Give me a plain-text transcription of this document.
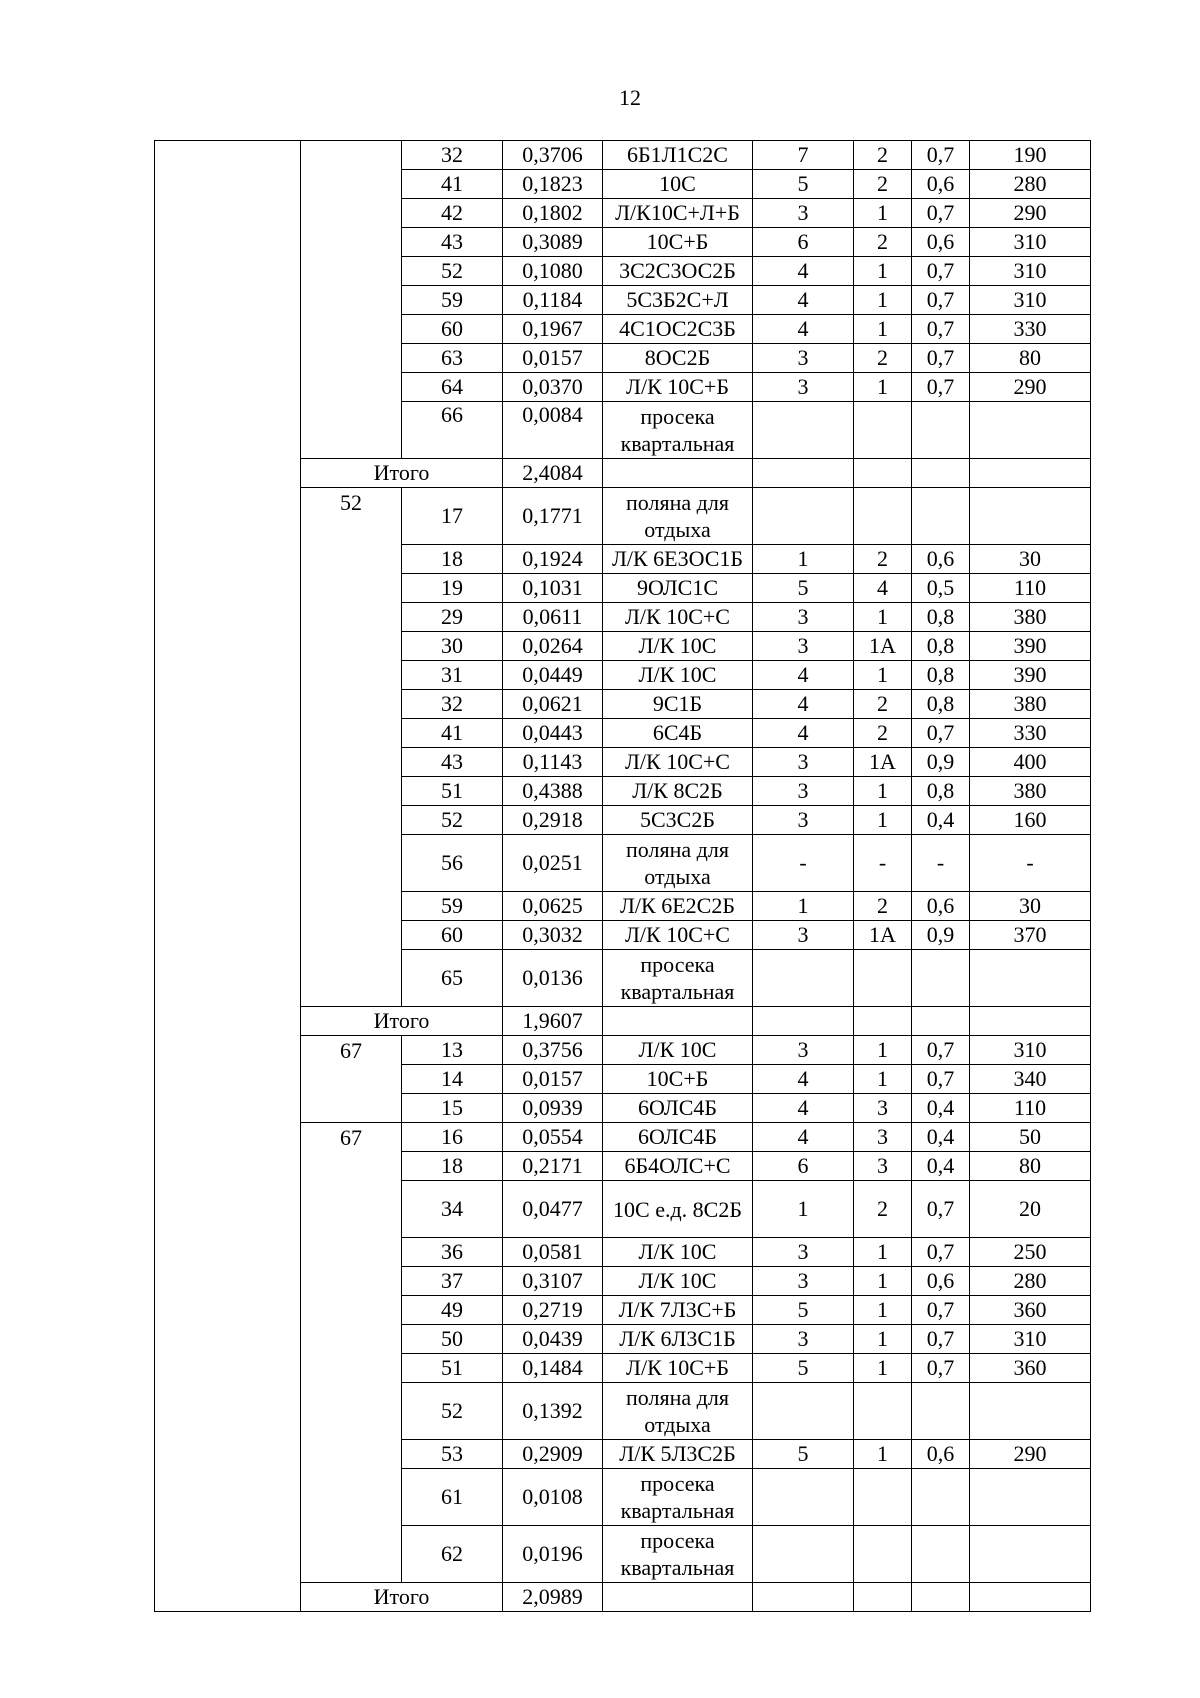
12
		32	0,3706	6Б1Л1С2С	7	2	0,7	190
		41	0,1823	10С	5	2	0,6	280
		42	0,1802	Л/К10С+Л+Б	3	1	0,7	290
		43	0,3089	10С+Б	6	2	0,6	310
		52	0,1080	3С2С3ОС2Б	4	1	0,7	310
		59	0,1184	5С3Б2С+Л	4	1	0,7	310
		60	0,1967	4С1ОС2С3Б	4	1	0,7	330
		63	0,0157	8ОС2Б	3	2	0,7	80
		64	0,0370	Л/К 10С+Б	3	1	0,7	290
		66	0,0084	просека квартальная				
	Итого		2,4084					
	52	17	0,1771	поляна для отдыха				
		18	0,1924	Л/К 6Е3ОС1Б	1	2	0,6	30
		19	0,1031	9ОЛС1С	5	4	0,5	110
		29	0,0611	Л/К 10С+С	3	1	0,8	380
		30	0,0264	Л/К 10С	3	1А	0,8	390
		31	0,0449	Л/К 10С	4	1	0,8	390
		32	0,0621	9С1Б	4	2	0,8	380
		41	0,0443	6С4Б	4	2	0,7	330
		43	0,1143	Л/К 10С+С	3	1А	0,9	400
		51	0,4388	Л/К 8С2Б	3	1	0,8	380
		52	0,2918	5С3С2Б	3	1	0,4	160
		56	0,0251	поляна для отдыха	-	-	-	-
		59	0,0625	Л/К 6Е2С2Б	1	2	0,6	30
		60	0,3032	Л/К 10С+С	3	1А	0,9	370
		65	0,0136	просека квартальная				
	Итого		1,9607					
	67	13	0,3756	Л/К 10С	3	1	0,7	310
		14	0,0157	10С+Б	4	1	0,7	340
		15	0,0939	6ОЛС4Б	4	3	0,4	110
	67	16	0,0554	6ОЛС4Б	4	3	0,4	50
		18	0,2171	6Б4ОЛС+С	6	3	0,4	80
		34	0,0477	10С е.д. 8С2Б	1	2	0,7	20
		36	0,0581	Л/К 10С	3	1	0,7	250
		37	0,3107	Л/К 10С	3	1	0,6	280
		49	0,2719	Л/К 7Л3С+Б	5	1	0,7	360
		50	0,0439	Л/К 6Л3С1Б	3	1	0,7	310
		51	0,1484	Л/К 10С+Б	5	1	0,7	360
		52	0,1392	поляна для отдыха				
		53	0,2909	Л/К 5Л3С2Б	5	1	0,6	290
		61	0,0108	просека квартальная				
		62	0,0196	просека квартальная				
	Итого		2,0989					
